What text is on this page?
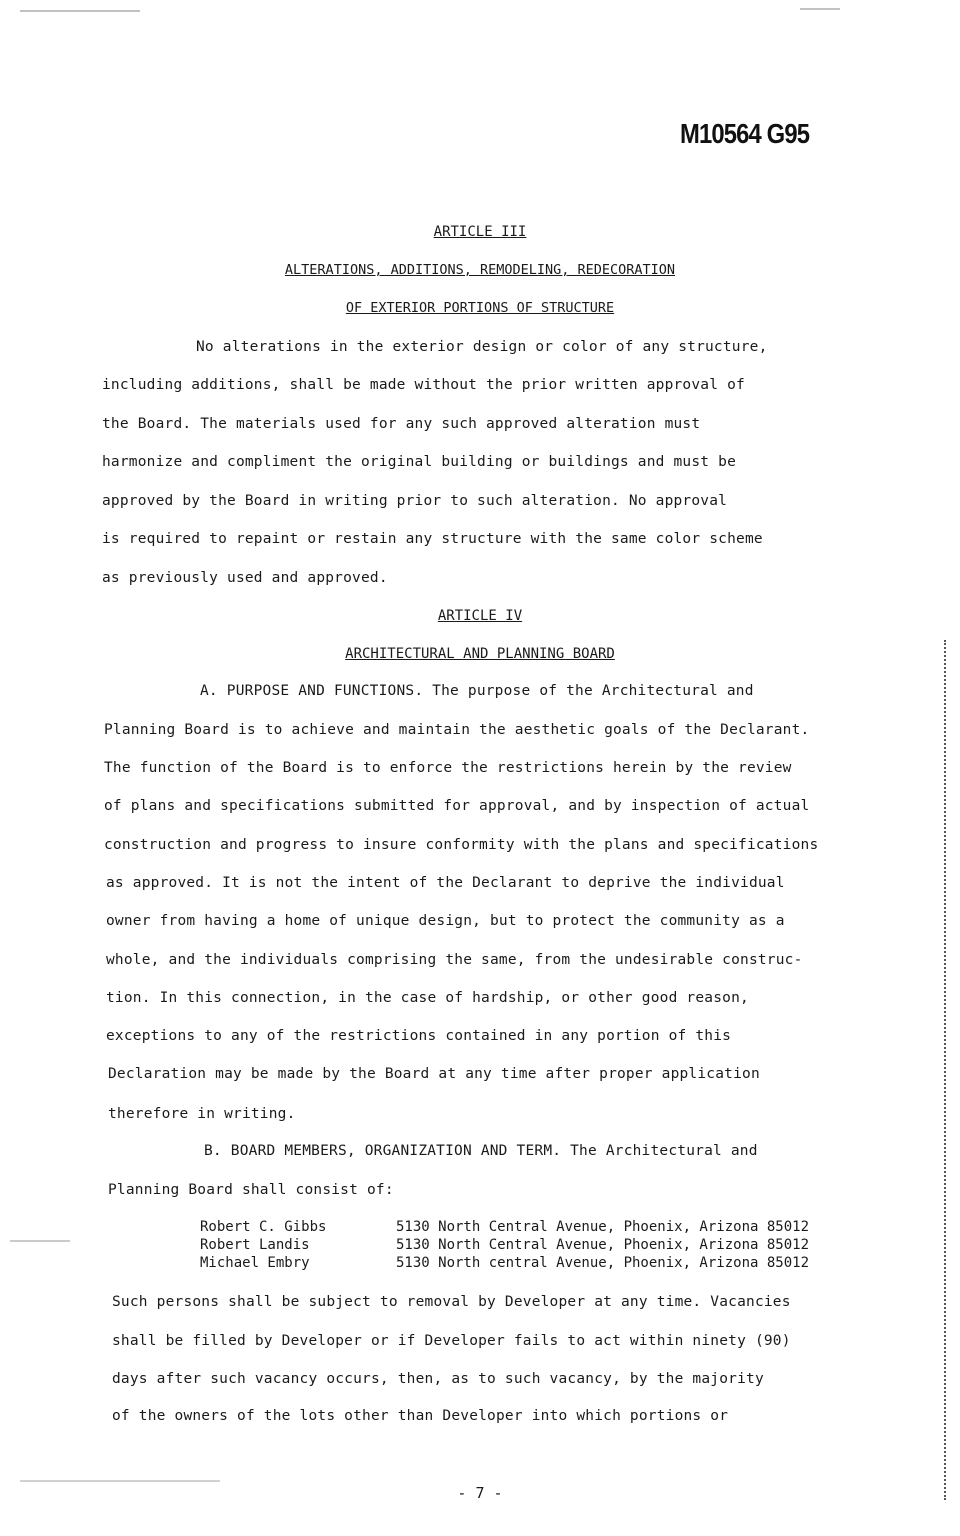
M10564 G95
ARTICLE III
ALTERATIONS, ADDITIONS, REMODELING, REDECORATION
OF EXTERIOR PORTIONS OF STRUCTURE
No alterations in the exterior design or color of any structure,
including additions, shall be made without the prior written approval of
the Board. The materials used for any such approved alteration must
harmonize and compliment the original building or buildings and must be
approved by the Board in writing prior to such alteration. No approval
is required to repaint or restain any structure with the same color scheme
as previously used and approved.
ARTICLE IV
ARCHITECTURAL AND PLANNING BOARD
A. PURPOSE AND FUNCTIONS. The purpose of the Architectural and
Planning Board is to achieve and maintain the aesthetic goals of the Declarant.
The function of the Board is to enforce the restrictions herein by the review
of plans and specifications submitted for approval, and by inspection of actual
construction and progress to insure conformity with the plans and specifications
as approved. It is not the intent of the Declarant to deprive the individual
owner from having a home of unique design, but to protect the community as a
whole, and the individuals comprising the same, from the undesirable construc-
tion. In this connection, in the case of hardship, or other good reason,
exceptions to any of the restrictions contained in any portion of this
Declaration may be made by the Board at any time after proper application
therefore in writing.
B. BOARD MEMBERS, ORGANIZATION AND TERM. The Architectural and
Planning Board shall consist of:
Robert C. Gibbs	5130 North Central Avenue, Phoenix, Arizona 85012
Robert Landis	5130 North Central Avenue, Phoenix, Arizona 85012
Michael Embry	5130 North central Avenue, Phoenix, Arizona 85012
Such persons shall be subject to removal by Developer at any time. Vacancies
shall be filled by Developer or if Developer fails to act within ninety (90)
days after such vacancy occurs, then, as to such vacancy, by the majority
of the owners of the lots other than Developer into which portions or
- 7 -
